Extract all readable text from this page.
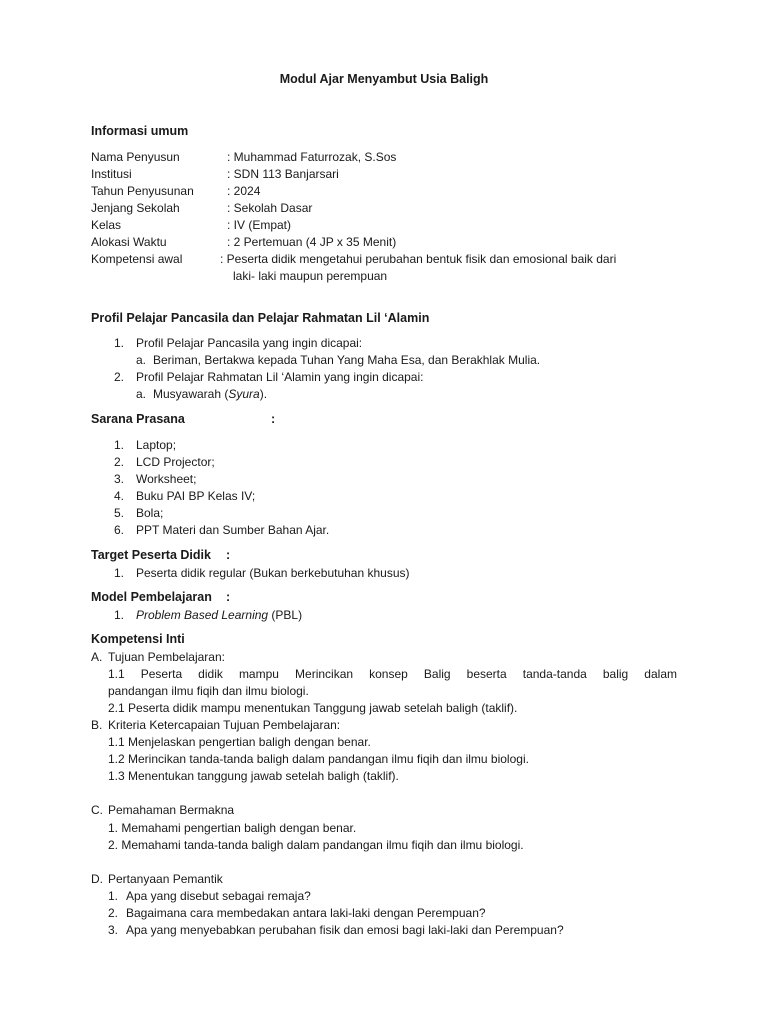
Modul Ajar Menyambut Usia Baligh
Informasi umum
Nama Penyusun	: Muhammad Faturrozak, S.Sos
Institusi	: SDN 113 Banjarsari
Tahun Penyusunan	: 2024
Jenjang Sekolah	: Sekolah Dasar
Kelas	: IV (Empat)
Alokasi Waktu	: 2 Pertemuan (4 JP x 35 Menit)
Kompetensi awal	: Peserta didik mengetahui perubahan bentuk fisik dan emosional baik dari
laki- laki maupun perempuan
Profil Pelajar Pancasila dan Pelajar Rahmatan Lil ‘Alamin
1. Profil Pelajar Pancasila yang ingin dicapai:
a. Beriman, Bertakwa kepada Tuhan Yang Maha Esa, dan Berakhlak Mulia.
2. Profil Pelajar Rahmatan Lil ‘Alamin yang ingin dicapai:
a. Musyawarah (Syura).
Sarana Prasana	:
1. Laptop;
2. LCD Projector;
3. Worksheet;
4. Buku PAI BP Kelas IV;
5. Bola;
6. PPT Materi dan Sumber Bahan Ajar.
Target Peserta Didik :
1. Peserta didik regular (Bukan berkebutuhan khusus)
Model Pembelajaran :
1. Problem Based Learning (PBL)
Kompetensi Inti
A. Tujuan Pembelajaran:
1.1 Peserta didik mampu Merincikan konsep Balig beserta tanda-tanda balig dalam
pandangan ilmu fiqih dan ilmu biologi.
2.1 Peserta didik mampu menentukan Tanggung jawab setelah baligh (taklif).
B. Kriteria Ketercapaian Tujuan Pembelajaran:
1.1 Menjelaskan pengertian baligh dengan benar.
1.2 Merincikan tanda-tanda baligh dalam pandangan ilmu fiqih dan ilmu biologi.
1.3 Menentukan tanggung jawab setelah baligh (taklif).
C. Pemahaman Bermakna
1. Memahami pengertian baligh dengan benar.
2. Memahami tanda-tanda baligh dalam pandangan ilmu fiqih dan ilmu biologi.
D. Pertanyaan Pemantik
1. Apa yang disebut sebagai remaja?
2. Bagaimana cara membedakan antara laki-laki dengan Perempuan?
3. Apa yang menyebabkan perubahan fisik dan emosi bagi laki-laki dan Perempuan?
